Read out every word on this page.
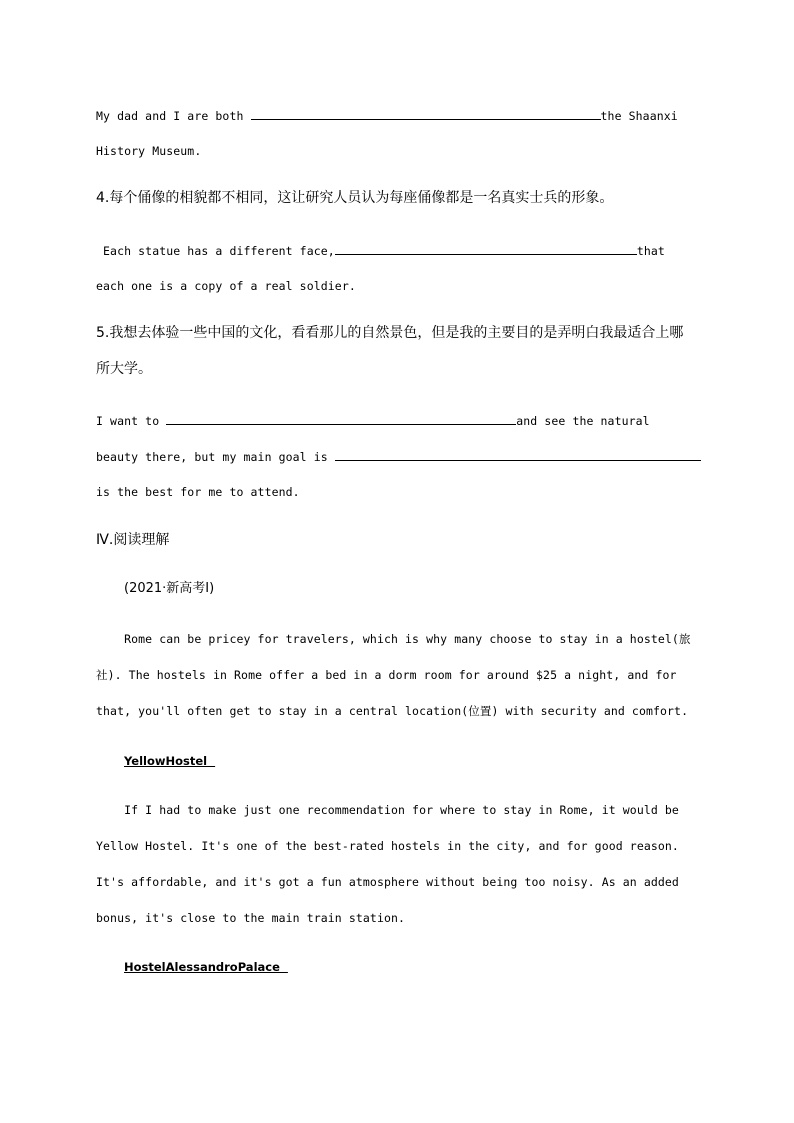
My dad and I are both	the Shaanxi
History Museum.
4.每个俑像的相貌都不相同，这让研究人员认为每座俑像都是一名真实士兵的形象。
Each statue has a different face,	that
each one is a copy of a real soldier.
5.我想去体验一些中国的文化，看看那儿的自然景色，但是我的主要目的是弄明白我最适合上哪
所大学。
I want to	and see the natural
beauty there, but my main goal is
is the best for me to attend.
Ⅳ.阅读理解
(2021·新高考Ⅰ)
Rome can be pricey for travelers, which is why many choose to stay in a hostel(旅
社). The hostels in Rome offer a bed in a dorm room for around $25 a night, and for
that, you'll often get to stay in a central location(位置) with security and comfort.
YellowHostel
If I had to make just one recommendation for where to stay in Rome, it would be
Yellow Hostel. It's one of the best-rated hostels in the city, and for good reason.
It's affordable, and it's got a fun atmosphere without being too noisy. As an added
bonus, it's close to the main train station.
HostelAlessandroPalace
